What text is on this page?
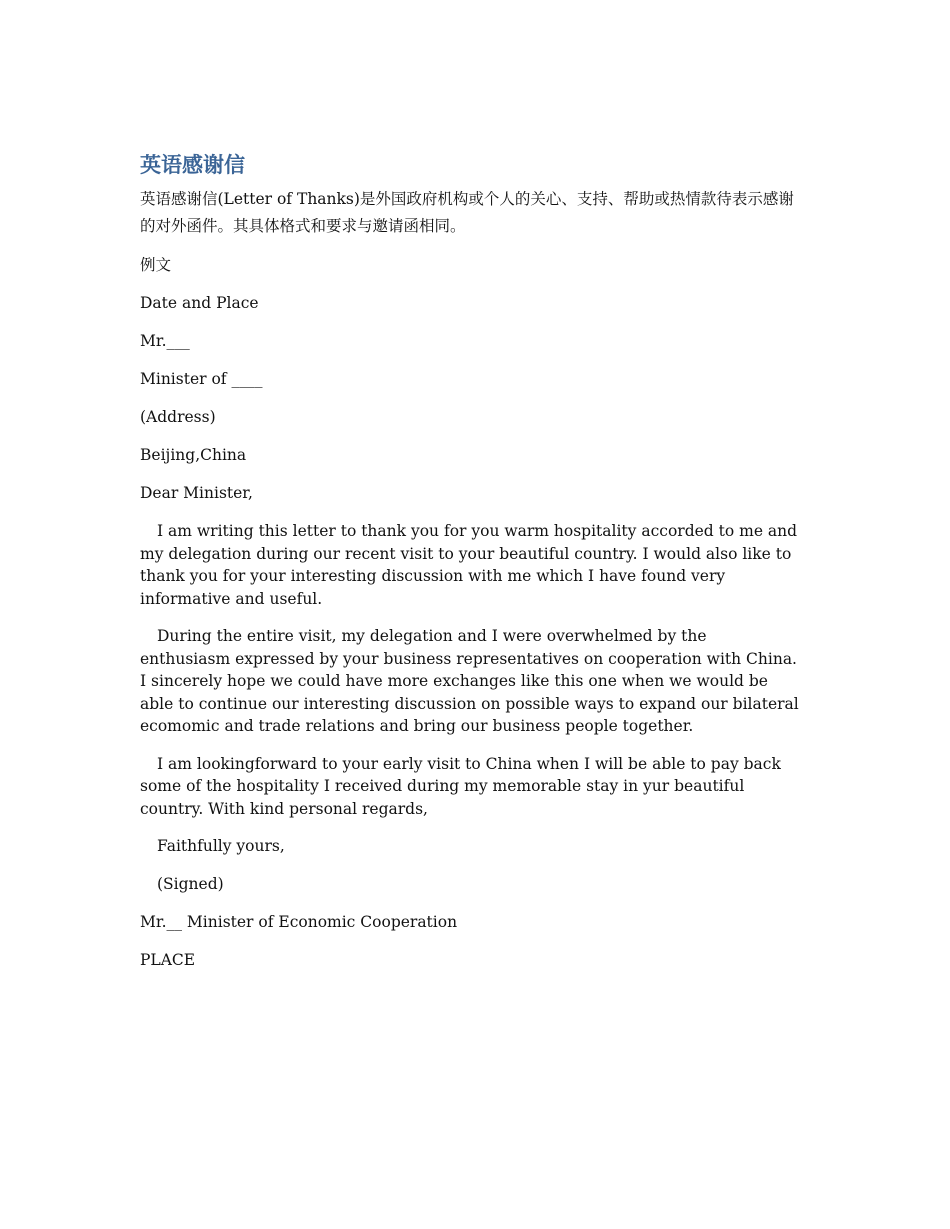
英语感谢信

英语感谢信(Letter of Thanks)是外国政府机构或个人的关心、支持、帮助或热情款待表示感谢的对外函件。其具体格式和要求与邀请函相同。

例文

Date and Place

Mr.___

Minister of ____

(Address)

Beijing,China

Dear Minister,

I am writing this letter to thank you for you warm hospitality accorded to me and my delegation during our recent visit to your beautiful country. I would also like to thank you for your interesting discussion with me which I have found very informative and useful.

During the entire visit, my delegation and I were overwhelmed by the enthusiasm expressed by your business representatives on cooperation with China. I sincerely hope we could have more exchanges like this one when we would be able to continue our interesting discussion on possible ways to expand our bilateral ecomomic and trade relations and bring our business people together.

I am lookingforward to your early visit to China when I will be able to pay back some of the hospitality I received during my memorable stay in yur beautiful country. With kind personal regards,

Faithfully yours,

(Signed)

Mr.__ Minister of Economic Cooperation

PLACE
